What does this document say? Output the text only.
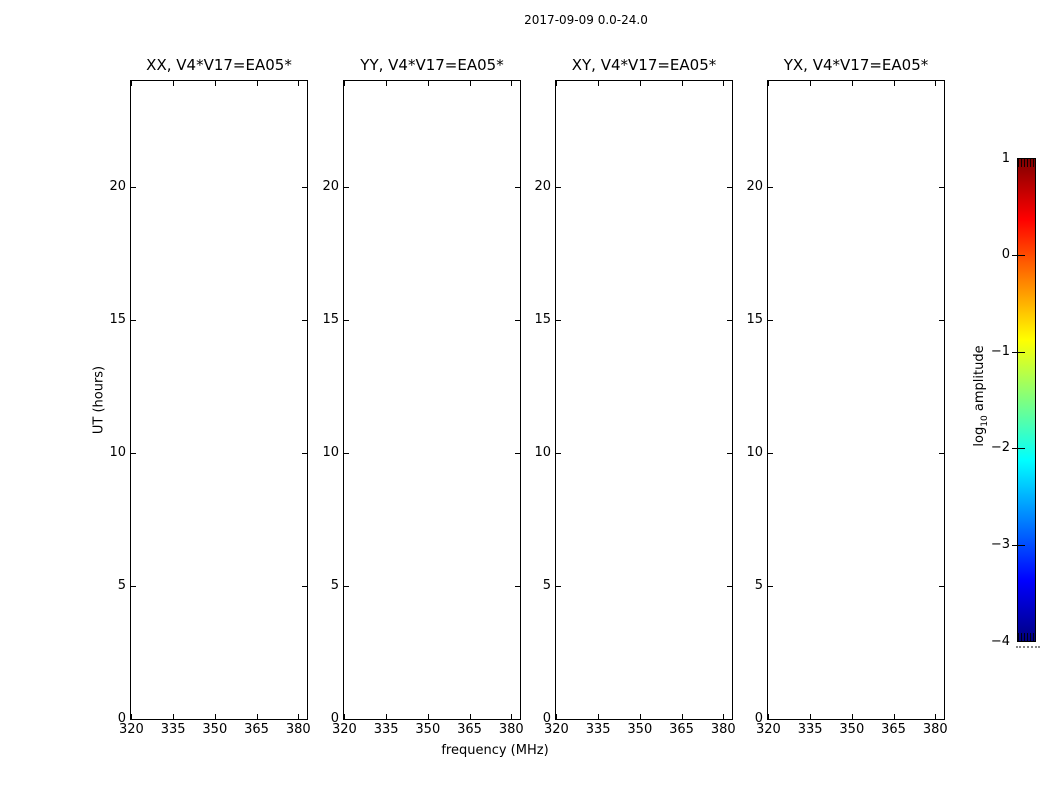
2017-09-09 0.0-24.0
UT (hours)
frequency (MHz)
XX, V4*V17=EA05*
320 335 350 365 380
0
5
10
15
20
YY, V4*V17=EA05*
320 335 350 365 380
0
5
10
15
20
XY, V4*V17=EA05*
320 335 350 365 380
0
5
10
15
20
YX, V4*V17=EA05*
320 335 350 365 380
0
5
10
15
20
1
0
−1
−2
−3
−4
$\log_{10}$ amplitude
